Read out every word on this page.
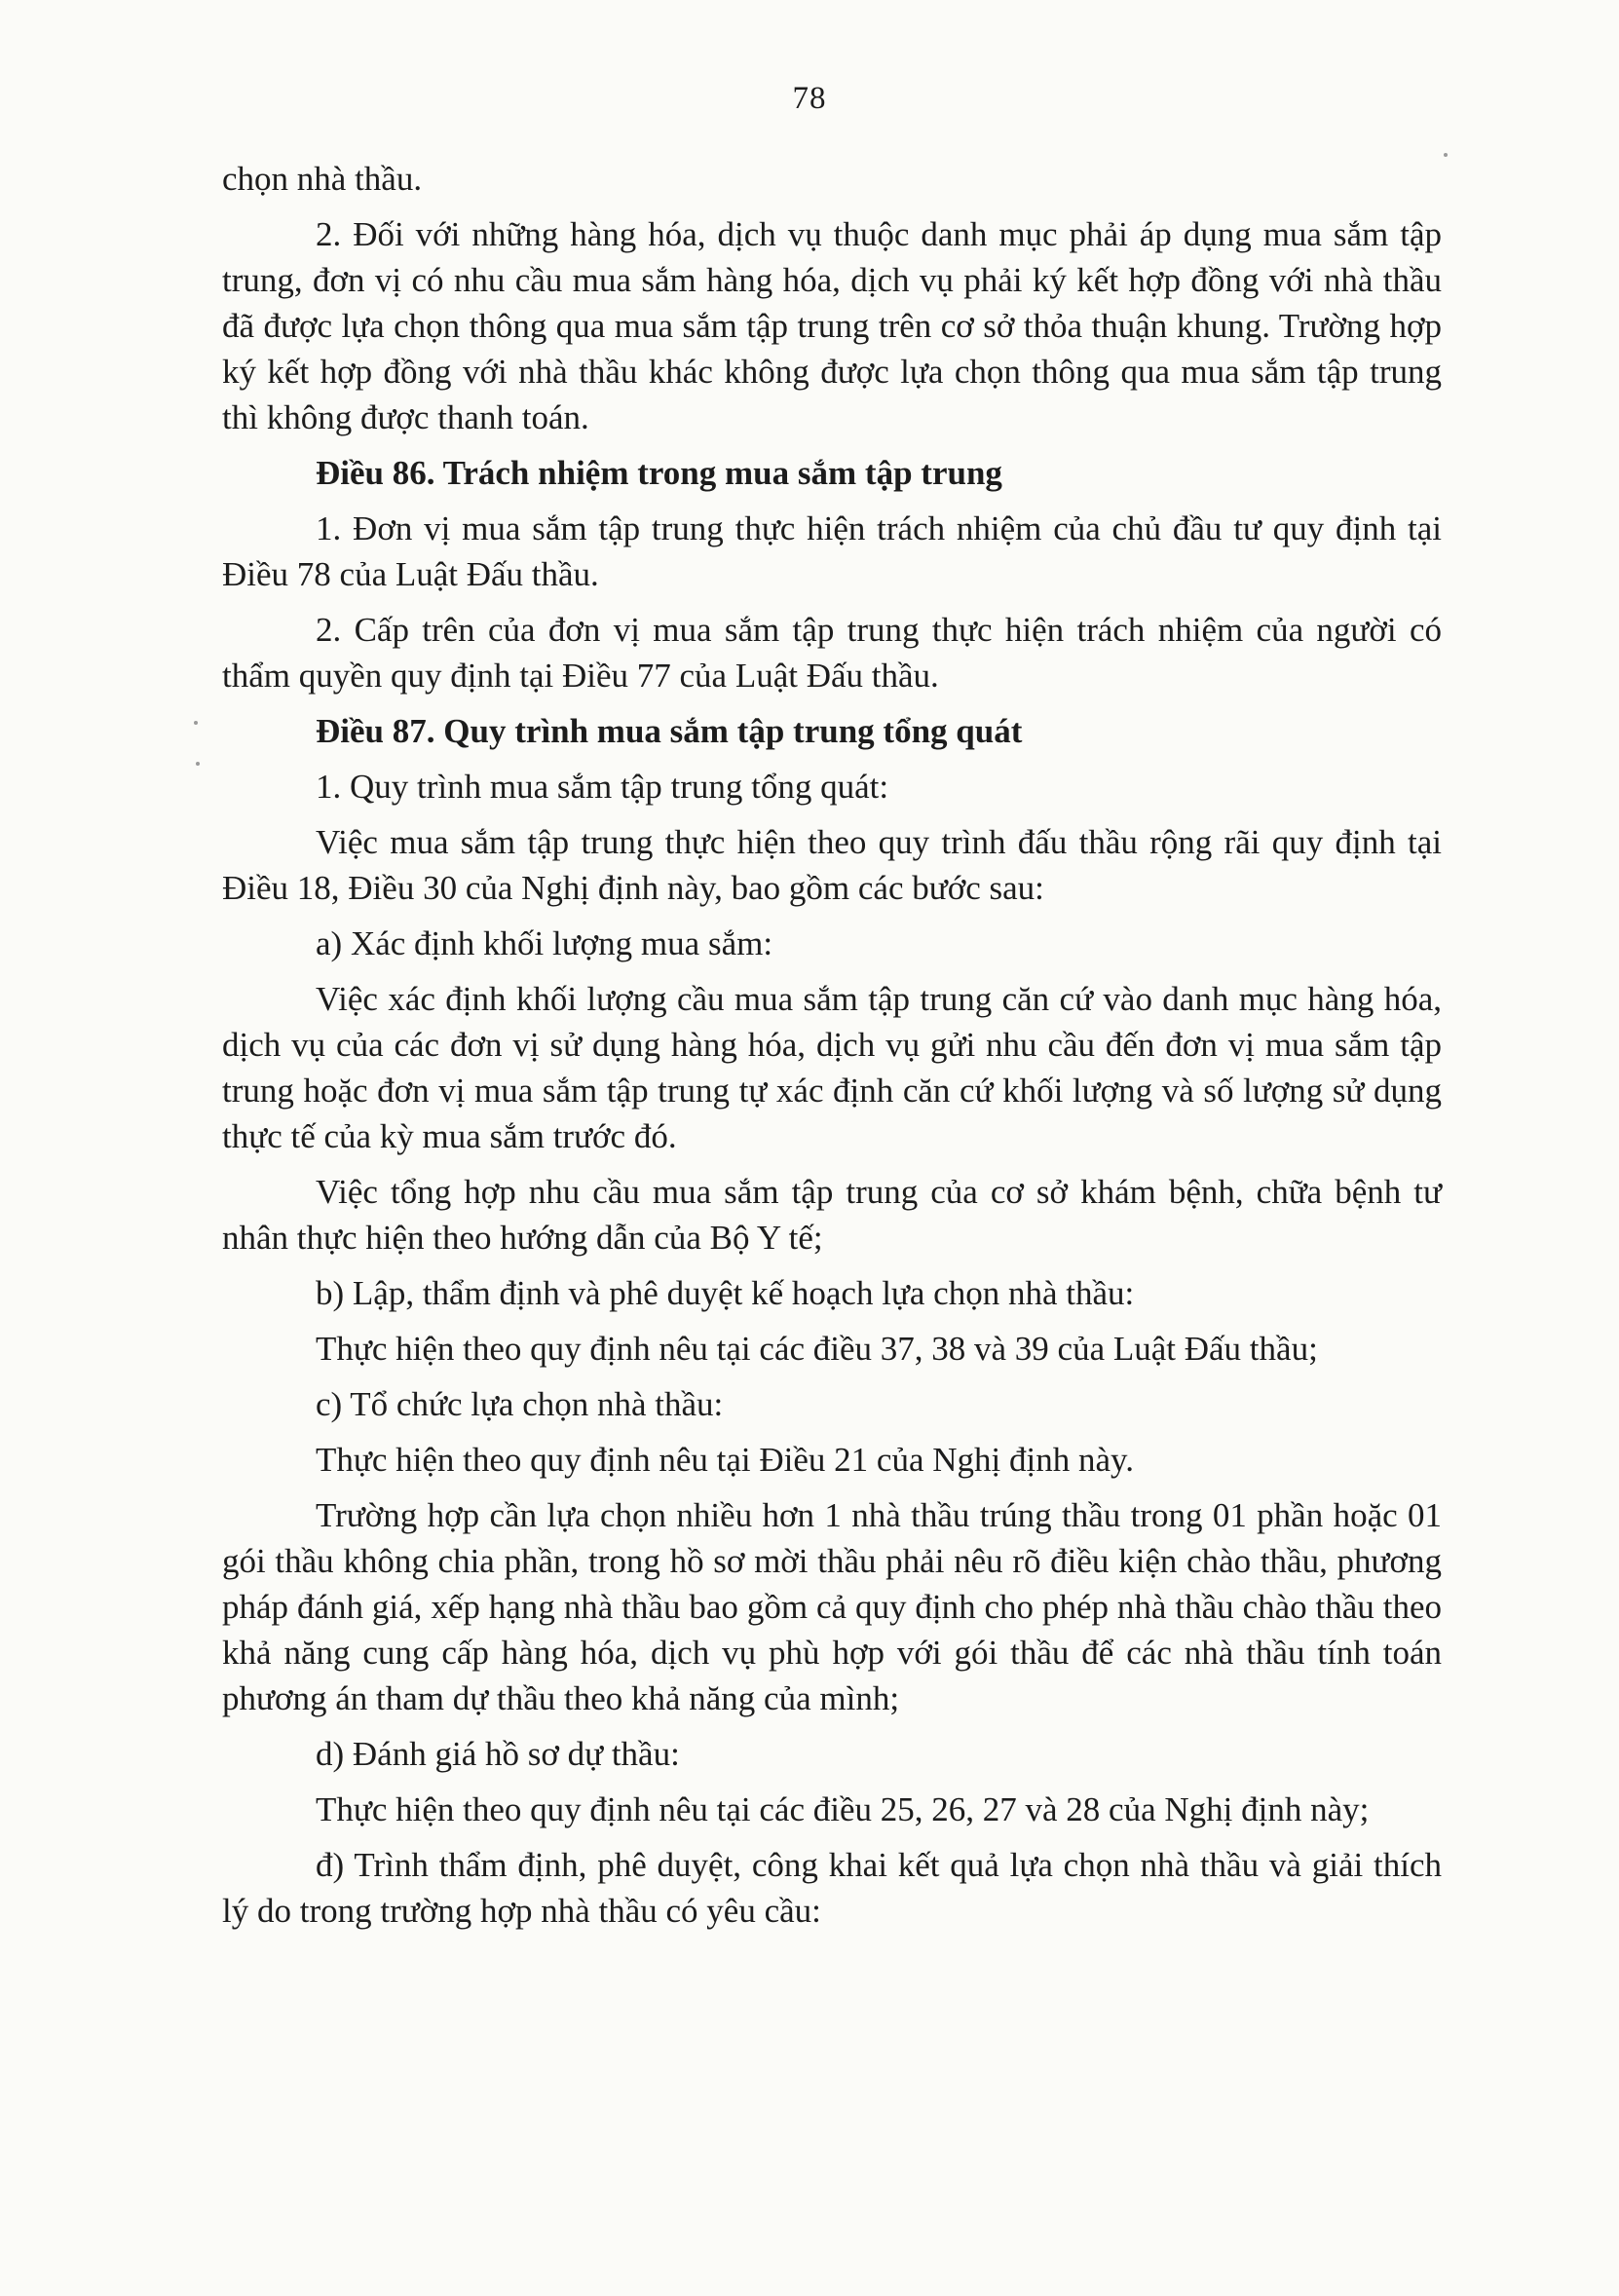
78

chọn nhà thầu.

2. Đối với những hàng hóa, dịch vụ thuộc danh mục phải áp dụng mua sắm tập trung, đơn vị có nhu cầu mua sắm hàng hóa, dịch vụ phải ký kết hợp đồng với nhà thầu đã được lựa chọn thông qua mua sắm tập trung trên cơ sở thỏa thuận khung. Trường hợp ký kết hợp đồng với nhà thầu khác không được lựa chọn thông qua mua sắm tập trung thì không được thanh toán.

Điều 86. Trách nhiệm trong mua sắm tập trung

1. Đơn vị mua sắm tập trung thực hiện trách nhiệm của chủ đầu tư quy định tại Điều 78 của Luật Đấu thầu.

2. Cấp trên của đơn vị mua sắm tập trung thực hiện trách nhiệm của người có thẩm quyền quy định tại Điều 77 của Luật Đấu thầu.

Điều 87. Quy trình mua sắm tập trung tổng quát

1. Quy trình mua sắm tập trung tổng quát:

Việc mua sắm tập trung thực hiện theo quy trình đấu thầu rộng rãi quy định tại Điều 18, Điều 30 của Nghị định này, bao gồm các bước sau:

a) Xác định khối lượng mua sắm:

Việc xác định khối lượng cầu mua sắm tập trung căn cứ vào danh mục hàng hóa, dịch vụ của các đơn vị sử dụng hàng hóa, dịch vụ gửi nhu cầu đến đơn vị mua sắm tập trung hoặc đơn vị mua sắm tập trung tự xác định căn cứ khối lượng và số lượng sử dụng thực tế của kỳ mua sắm trước đó.

Việc tổng hợp nhu cầu mua sắm tập trung của cơ sở khám bệnh, chữa bệnh tư nhân thực hiện theo hướng dẫn của Bộ Y tế;

b) Lập, thẩm định và phê duyệt kế hoạch lựa chọn nhà thầu:

Thực hiện theo quy định nêu tại các điều 37, 38 và 39 của Luật Đấu thầu;

c) Tổ chức lựa chọn nhà thầu:

Thực hiện theo quy định nêu tại Điều 21 của Nghị định này.

Trường hợp cần lựa chọn nhiều hơn 1 nhà thầu trúng thầu trong 01 phần hoặc 01 gói thầu không chia phần, trong hồ sơ mời thầu phải nêu rõ điều kiện chào thầu, phương pháp đánh giá, xếp hạng nhà thầu bao gồm cả quy định cho phép nhà thầu chào thầu theo khả năng cung cấp hàng hóa, dịch vụ phù hợp với gói thầu để các nhà thầu tính toán phương án tham dự thầu theo khả năng của mình;

d) Đánh giá hồ sơ dự thầu:

Thực hiện theo quy định nêu tại các điều 25, 26, 27 và 28 của Nghị định này;

đ) Trình thẩm định, phê duyệt, công khai kết quả lựa chọn nhà thầu và giải thích lý do trong trường hợp nhà thầu có yêu cầu:
